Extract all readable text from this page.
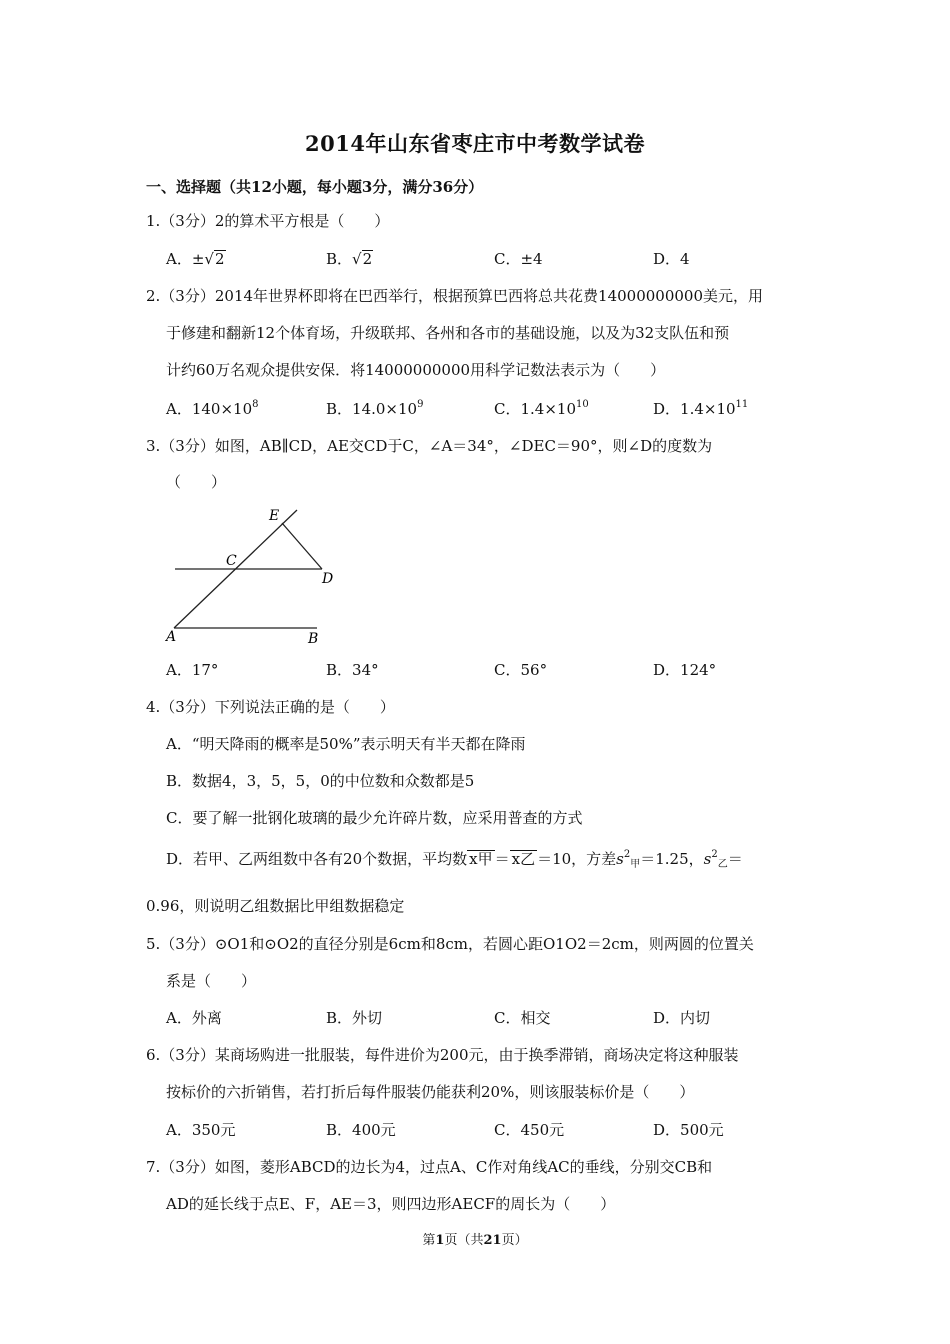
2014年山东省枣庄市中考数学试卷
一、选择题（共12小题，每小题3分，满分36分）
1.（3分）2的算术平方根是（　　）
A．±√2	B．√2	C．±4	D．4
2.（3分）2014年世界杯即将在巴西举行，根据预算巴西将总共花费14000000000美元，用
于修建和翻新12个体育场，升级联邦、各州和各市的基础设施，以及为32支队伍和预
计约60万名观众提供安保．将14000000000用科学记数法表示为（　　）
A．$140\times 10^8$	B．$14.0\times 10^9$	C．$1.4\times 10^{10}$	D．$1.4\times 10^{11}$
3.（3分）如图，AB∥CD，AE交CD于C，∠A＝34°，∠DEC＝90°，则∠D的度数为
（　　）
E
C
D
A	B
A．17°	B．34°	C．56°	D．124°
4.（3分）下列说法正确的是（　　）
A．“明天降雨的概率是50%”表示明天有半天都在降雨
B．数据4，3，5，5，0的中位数和众数都是5
C．要了解一批钢化玻璃的最少允许碎片数，应采用普查的方式
D．若甲、乙两组数中各有20个数据，平均数 x甲 ＝ x乙 ＝10，方差$s^2_甲=1.25$，$s^2_乙=$
0.96，则说明乙组数据比甲组数据稳定
5.（3分）⊙O1和⊙O2的直径分别是6cm和8cm，若圆心距O1O2＝2cm，则两圆的位置关
系是（　　）
A．外离	B．外切	C．相交	D．内切
6.（3分）某商场购进一批服装，每件进价为200元，由于换季滞销，商场决定将这种服装
按标价的六折销售，若打折后每件服装仍能获利20%，则该服装标价是（　　）
A．350元	B．400元	C．450元	D．500元
7.（3分）如图，菱形ABCD的边长为4，过点A、C作对角线AC的垂线，分别交CB和
AD的延长线于点E、F，AE＝3，则四边形AECF的周长为（　　）
第1页（共21页）
